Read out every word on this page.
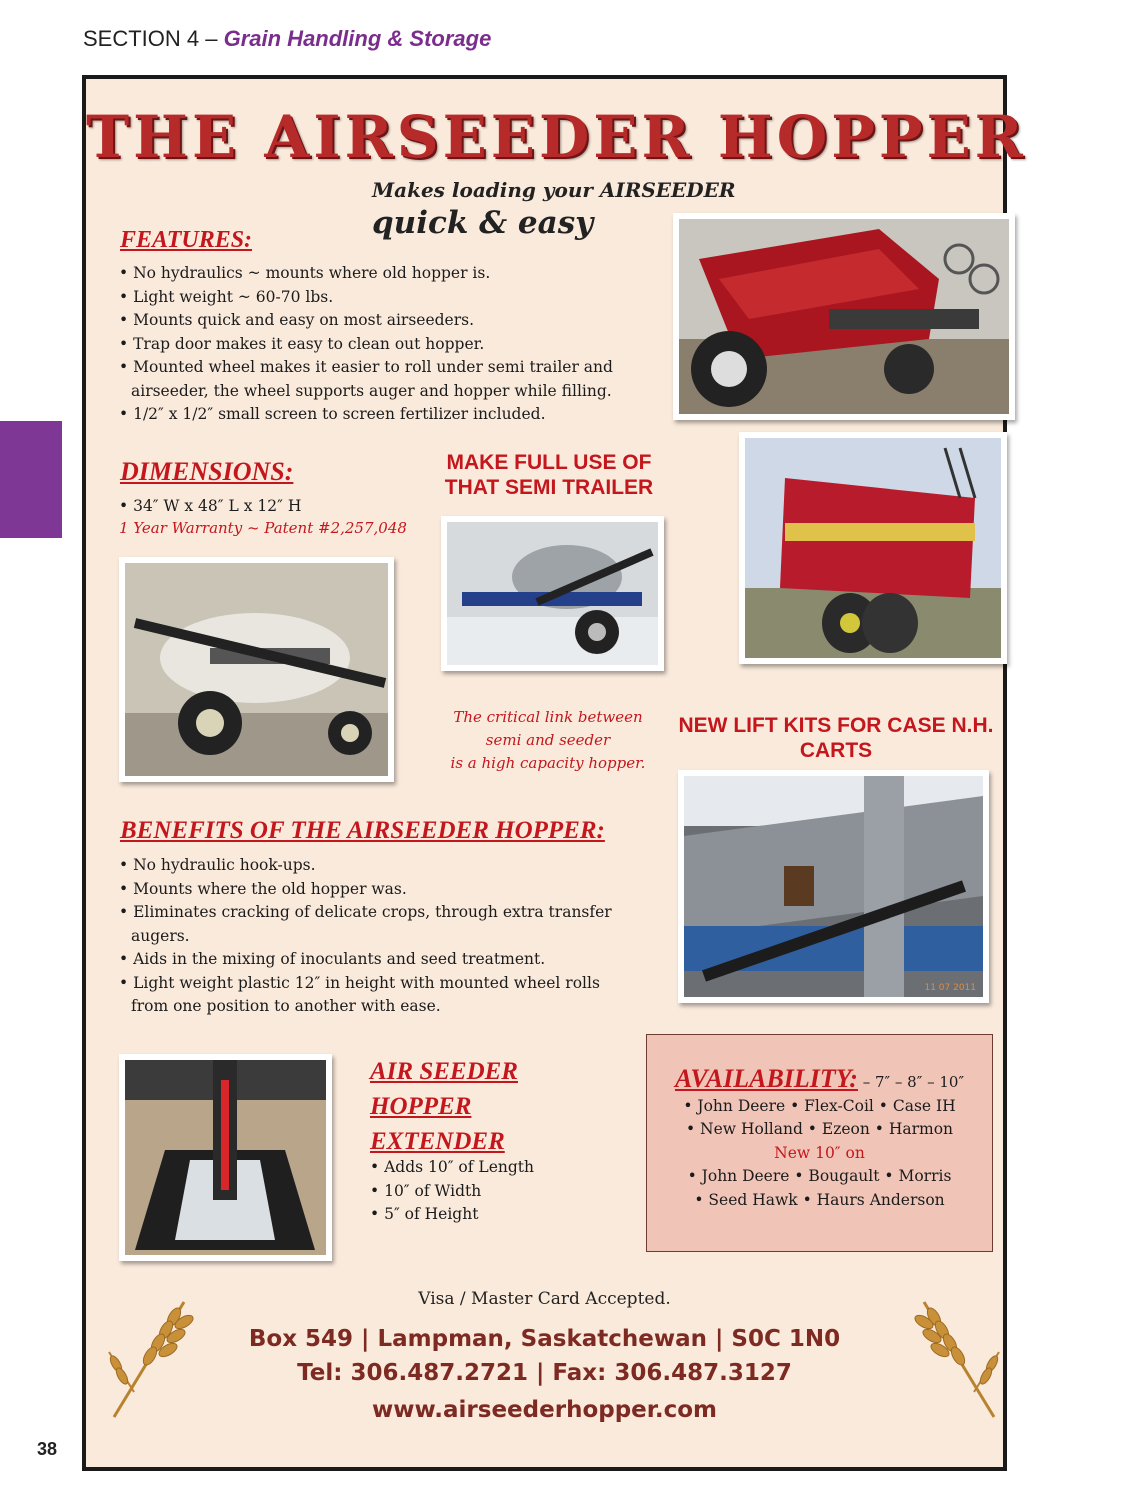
SECTION 4 – Grain Handling & Storage
38
THE AIRSEEDER HOPPER
Makes loading your AIRSEEDER
quick & easy
FEATURES:
• No hydraulics ~ mounts where old hopper is.
• Light weight ~ 60-70 lbs.
• Mounts quick and easy on most airseeders.
• Trap door makes it easy to clean out hopper.
• Mounted wheel makes it easier to roll under semi trailer and airseeder, the wheel supports auger and hopper while filling.
• 1/2″ x 1/2″ small screen to screen fertilizer included.
DIMENSIONS:
• 34″ W x 48″ L x 12″ H
1 Year Warranty ~ Patent #2,257,048
MAKE FULL USE OF THAT SEMI TRAILER
The critical link between
semi and seeder
is a high capacity hopper.
NEW LIFT KITS FOR CASE N.H. CARTS
11 07 2011
AIR SEEDER
HOPPER
EXTENDER
• Adds 10″ of Length
• 10″ of Width
• 5″ of Height
BENEFITS OF THE AIRSEEDER HOPPER:
• No hydraulic hook-ups.
• Mounts where the old hopper was.
• Eliminates cracking of delicate crops, through extra transfer augers.
• Aids in the mixing of inoculants and seed treatment.
• Light weight plastic 12″ in height with mounted wheel rolls from one position to another with ease.
AVAILABILITY: – 7″ – 8″ – 10″
• John Deere • Flex-Coil • Case IH
• New Holland • Ezeon • Harmon
New 10″ on
• John Deere • Bougault • Morris
• Seed Hawk • Haurs Anderson
Visa / Master Card Accepted.
Box 549 | Lampman, Saskatchewan | S0C 1N0
Tel: 306.487.2721 | Fax: 306.487.3127
www.airseederhopper.com
